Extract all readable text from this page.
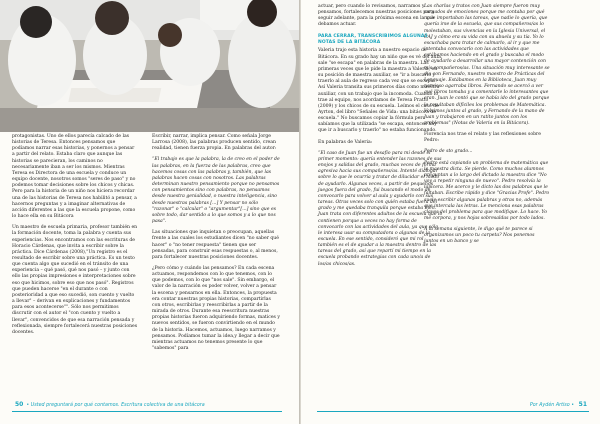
protagonistas. Uno de ellos parecía calcado de las historias de Teresa. Entonces pensamos que podíamos narrar esas historias, y ponernos a pensar a partir del relato. Estaba claro que aunque las historias se parecieran, los caminos no necesariamente iban a ser los mismos. Mientras Teresa es Directora de una escuela y conduce un equipo docente, nosotros somos "seres de paso" y no podemos tomar decisiones sobre los chicos y chicas. Pero para la historia de un niño nos hiciera recordar una de las historias de Teresa nos habilitó a pensar, a hacernos preguntas y a imaginar alternativas de acción diferentes a las que la escuela propone, como lo hace ella en su Bitácora

Un maestro de escuela primaria, profesor también en la formación docente, toma la palabra y cuenta sus experiencias. Nos encontramos con las escrituras de Horacio Cárdenas, que invita a escribir sobre la práctica. Dice Cárdenas (2008),"Un registro es el resultado de escribir sobre una práctica. Es un texto que cuenta algo que sucedió en el tránsito de una experiencia – qué pasó, qué nos pasó – y junto con ello las propias impresiones e interpretaciones sobre eso que hicimos, sobre eso que nos pasó". Registros que pueden hacerse "en el durante o con posterioridad a que eso sucedió, son cuento y vuelto a llevar" – derivan en explicaciones y fundamentos para esos acontecerse"". Sólo nos permitimos discrutir con el autor el "con cuento y vuelto a llevar", convencidos de que esa narración pensada y reflexionada, siempre fortalecerá nuestras posiciones docentes.

Escribir, narrar, implica pensar. Como señala Jorge Larrosa (2008), las palabras producen sentido, crean realidad, tienen fuerza propia. En palabras del autor:

“El trabajo es que la palabra, la de creo en el poder de las palabras, en la fuerza de las palabras, creo que hacemos cosas con las palabras y, también, que las palabras hacen cosas con nosotros. Las palabras determinan nuestro pensamiento porque no pensamos con pensamientos sino con palabras, no pensamos desde nuestra genialidad, o nuestra inteligencia, sino desde nuestras palabras [...] Y pensar no sólo "razonar" o "calcular" o "argumentar"[...] sino que es sobre todo, dar sentido a lo que somos y a lo que nos pasa".

Las situaciones que inquietan o preocupan, aquellas frente a las cuales los estudiantes dicen "no saber qué hacer" o "no tener respuesta" tienen que ser pensadas, para construir esas respuestas o, al menos, para fortalecer nuestras posiciones docentes.

¿Pero cómo y cuándo las pensamos? En cada escena actuamos, respondemos con lo que tenemos, con lo que podemos, con lo que "nos sale". Sin embargo, el valor de la narración es poder volver, volver a pensar la escena y pensarnos en ella. Entonces, la propuesta era contar nuestras propias historias, compartirlas con otros, escribirlas y reescribirlas a partir de la mirada de otros. Durante esa reescritura nuestras propias historias fueron adquiriendo formas, matices y nuevos sentidos, se fueron convirtiendo en el mundo de la historia. Hacemos, actuamos, luego narramos y pensamos. Podíamos tumar la idea,y llegar a decir que mientras actuamos no tenemos presente lo que "sabemos" para

50 • Usted preguntará por qué contamos. Escritura colectiva de una bitácora

actuar, pero cuando lo revisamos, narramos y pensamos, fortalecemos nuestras posiciones para seguir adelante, para la próxima escena en la que debamos actuar.

PARA CERRAR, TRANSCRIBIMOS ALGUNAS NOTAS DE LA BITÁCORA

Valeria trajo esta historia a nuestro espacio de Bitácora. En su grado hay un niño que es vé del aula, sale "se escapa" en palabras de la maestra. Las primeras veces que le pide la maestra a Valeria, en su posición de maestra auxiliar, se "ir a buscarlo y traerlo al aula de regreso cada vez que se escapa". Así Valeria transita sus primeros días como maestra auxiliar, con un trabajo que la incomoda. Cuando lo trae al equipo, nos acordamos de Teresa Pratto (2009) y los chicos de su escuela. Leímos el caso de Ayrton, del libro "Señales de Vida: una bitácora de escuela." No buscamos copiar la fórmula pero sabíamos que la utilizada "se escapa, entonces hay que ir a buscarlo y traerlo" no estaba funcionando.

En palabras de Valeria:

“El caso de Juan fue un desafío para mí desde el primer momento: quería entender las razones de sus enojos y salidas del grado, muchas veces de forma agresiva hacia sus compañeros/as. Intenté dialogar sobre lo que le ocurría y tratar de dilucidar el modo de ayudarlo. Algunas veces, a partir de pequeños juegos fuera del grado, fui buscando el modo de convocarlo para volver al aula y ayudarlo con sus tareas. Otras veces solo con quién estaba fuera del grado y me quedaba tranquila porque estaba bien. Juan trata con diferentes adultos de la escuela que lo contienen porque a veces no hay forma de convocarlo con las actividades del aula, ya que sólo le interesa usar su computadora o algunas de la escuela. En ese sentido, consideró que mi rol también es el de ayudar a la maestra dentro de las tareas del grado, así que repartí mi tiempo en la escuela probando estrategias con cada uno/a de los/as chicos/as.

Las charlas y tratos con Juan siempre fueron muy cargados de emociones porque me contaba por qué no le importaban las tareas, que nadie lo quería, que quería irse de la escuela, que sus compañeros/as lo molestaban, sus vivencias en la Iglesia Universal, el CAJ y cómo era su vida con su abuela y su tía. Yo lo escuchaba para tratar de calmarlo, al ir y que me intentaba convocarlo con las actividades que estábamos haciendo en el grado y buscaba el modo de ayudarlo a desarrollar una mayor contención con mis compañeros/as. Una situación muy interesante se dio con Fernando, nuestro maestro de Prácticas del Lenguaje. Estábamos en la Biblioteca, Juan muy nervioso agarraba libros. Fernando se acercó a ver qué libros tomaba y a comentarle lo interesantes que eran. Juan le contó que se había ido del grado porque le resultaban difíciles los problemas de Matemática. Volvimos juntos al grado, y Fernando de la mano de Juan y trabajaron en un ratito juntos con los problemas" (Notas de Valeria en la Bitácora).

Florencia nos trae el relato y las reflexiones sobre Pedro:

Pedro de sto grado...

Pedro está copiando un problema de matemática que la maestra dicta. Se pierde. Como muchos alumnos preguntan a lo largo del dictado la maestra dice "No voy a repetir ninguna de nuevo". Pedro resolvía la lapicera. Me acerco y le dicto las dos palabras que le faltaban. Escribe rápido y dice "Gracias Profe". Pedro suele escribir algunas palabras y otras no, además que intercala las letras. Le menciona esas palabras claves del problema para que modifique. Lo hace. Yo me corpora, y nos hojas sobresaldas por todo lados.

A la semana siguiente, le digo qué te parece si organizamos un poco tu carpeta? Nos ponemos juntos en un banco y se

Por Aydén Artiso • 51
